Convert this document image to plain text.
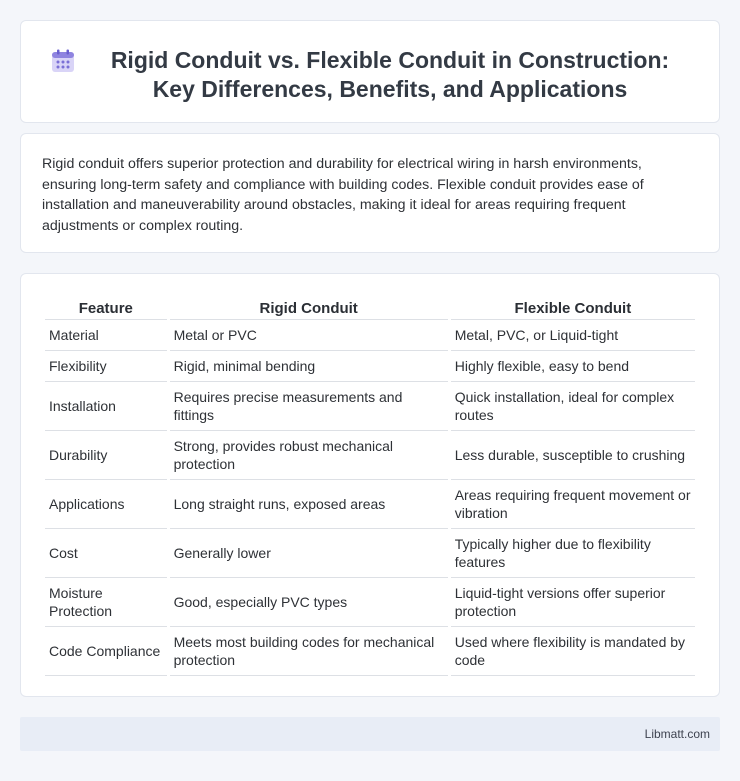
Rigid Conduit vs. Flexible Conduit in Construction: Key Differences, Benefits, and Applications

Rigid conduit offers superior protection and durability for electrical wiring in harsh environments, ensuring long-term safety and compliance with building codes. Flexible conduit provides ease of installation and maneuverability around obstacles, making it ideal for areas requiring frequent adjustments or complex routing.

Feature	Rigid Conduit	Flexible Conduit
Material	Metal or PVC	Metal, PVC, or Liquid-tight
Flexibility	Rigid, minimal bending	Highly flexible, easy to bend
Installation	Requires precise measurements and fittings	Quick installation, ideal for complex routes
Durability	Strong, provides robust mechanical protection	Less durable, susceptible to crushing
Applications	Long straight runs, exposed areas	Areas requiring frequent movement or vibration
Cost	Generally lower	Typically higher due to flexibility features
Moisture Protection	Good, especially PVC types	Liquid-tight versions offer superior protection
Code Compliance	Meets most building codes for mechanical protection	Used where flexibility is mandated by code
Libmatt.com
